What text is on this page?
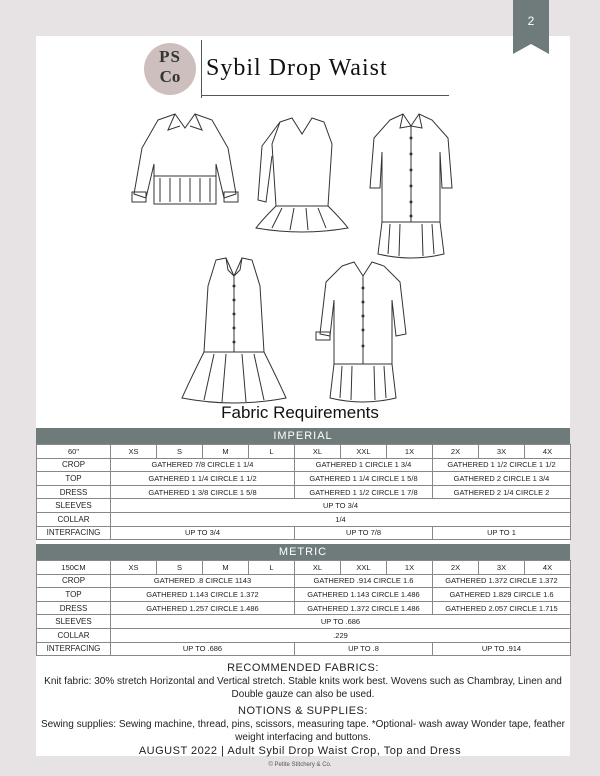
2
PS
Co	Sybil Drop Waist
Fabric Requirements
IMPERIAL
60"	XS	S	M	L	XL	XXL	1X	2X	3X	4X
CROP	GATHERED 7/8 CIRCLE 1 1/4				GATHERED 1 CIRCLE 1 3/4			GATHERED 1 1/2 CIRCLE 1 1/2		
TOP	GATHERED 1 1/4 CIRCLE 1 1/2				GATHERED 1 1/4 CIRCLE 1 5/8			GATHERED 2 CIRCLE 1 3/4		
DRESS	GATHERED 1 3/8 CIRCLE 1 5/8				GATHERED 1 1/2 CIRCLE 1 7/8			GATHERED 2 1/4 CIRCLE 2		
SLEEVES	UP TO 3/4									
COLLAR	1/4									
INTERFACING	UP TO 3/4				UP TO 7/8			UP TO 1		
METRIC
150CM	XS	S	M	L	XL	XXL	1X	2X	3X	4X
CROP	GATHERED .8 CIRCLE 1143				GATHERED .914 CIRCLE 1.6			GATHERED 1.372 CIRCLE 1.372		
TOP	GATHERED 1.143 CIRCLE 1.372				GATHERED 1.143 CIRCLE 1.486			GATHERED 1.829 CIRCLE 1.6		
DRESS	GATHERED 1.257 CIRCLE 1.486				GATHERED 1.372 CIRCLE 1.486			GATHERED 2.057 CIRCLE 1.715		
SLEEVES	UP TO .686									
COLLAR	.229									
INTERFACING	UP TO .686				UP TO .8			UP TO .914		
RECOMMENDED FABRICS:
Knit fabric: 30% stretch Horizontal and Vertical stretch. Stable knits work best. Wovens such as Chambray, Linen and
Double gauze can also be used.
NOTIONS & SUPPLIES:
Sewing supplies: Sewing machine, thread, pins, scissors, measuring tape. *Optional- wash away Wonder tape, feather
weight interfacing and buttons.
AUGUST 2022 | Adult Sybil Drop Waist Crop, Top and Dress
© Petite Stitchery & Co.
